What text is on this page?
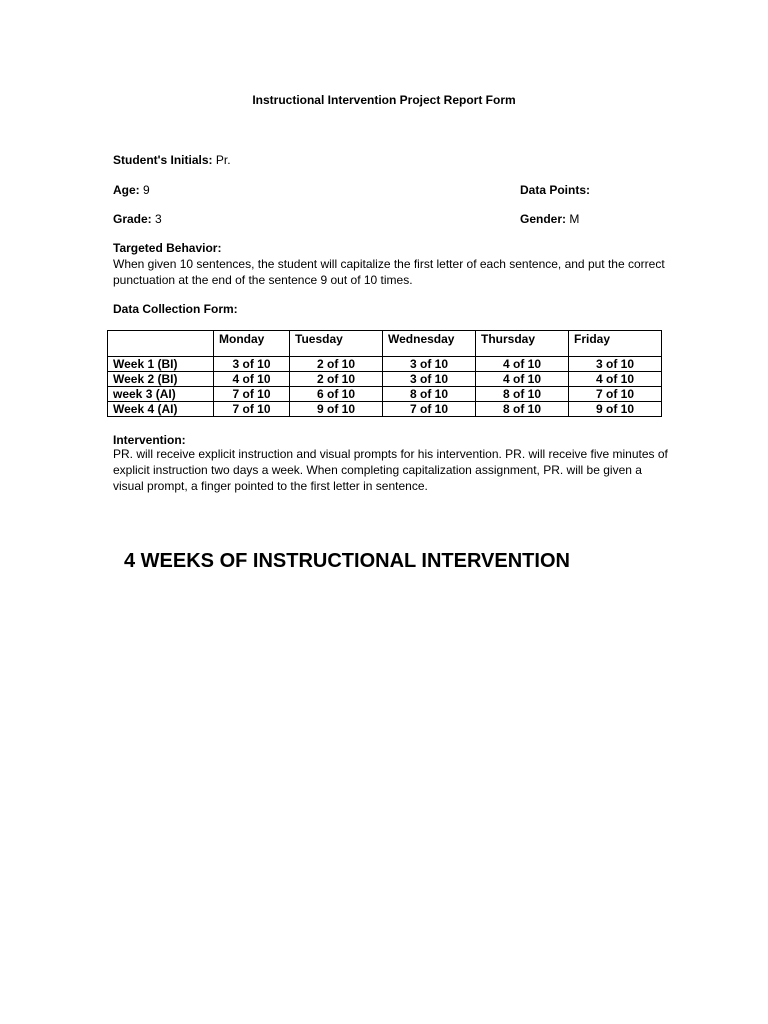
Instructional Intervention Project Report Form
Student's Initials: Pr.
Age: 9	Data Points:
Grade: 3	Gender: M
Targeted Behavior:
When given 10 sentences, the student will capitalize the first letter of each sentence, and put the correct punctuation at the end of the sentence 9 out of 10 times.
Data Collection Form:
	Monday	Tuesday	Wednesday	Thursday	Friday
Week 1 (BI)	3 of 10	2 of 10	3 of 10	4 of 10	3 of 10
Week 2 (BI)	4 of 10	2 of 10	3 of 10	4 of 10	4 of 10
week 3 (AI)	7 of 10	6 of 10	8 of 10	8 of 10	7 of 10
Week 4 (AI)	7 of 10	9 of 10	7 of 10	8 of 10	9 of 10
Intervention:
PR. will receive explicit instruction and visual prompts for his intervention. PR. will receive five minutes of explicit instruction two days a week. When completing capitalization assignment, PR. will be given a visual prompt, a finger pointed to the first letter in sentence.
4 WEEKS OF INSTRUCTIONAL INTERVENTION
